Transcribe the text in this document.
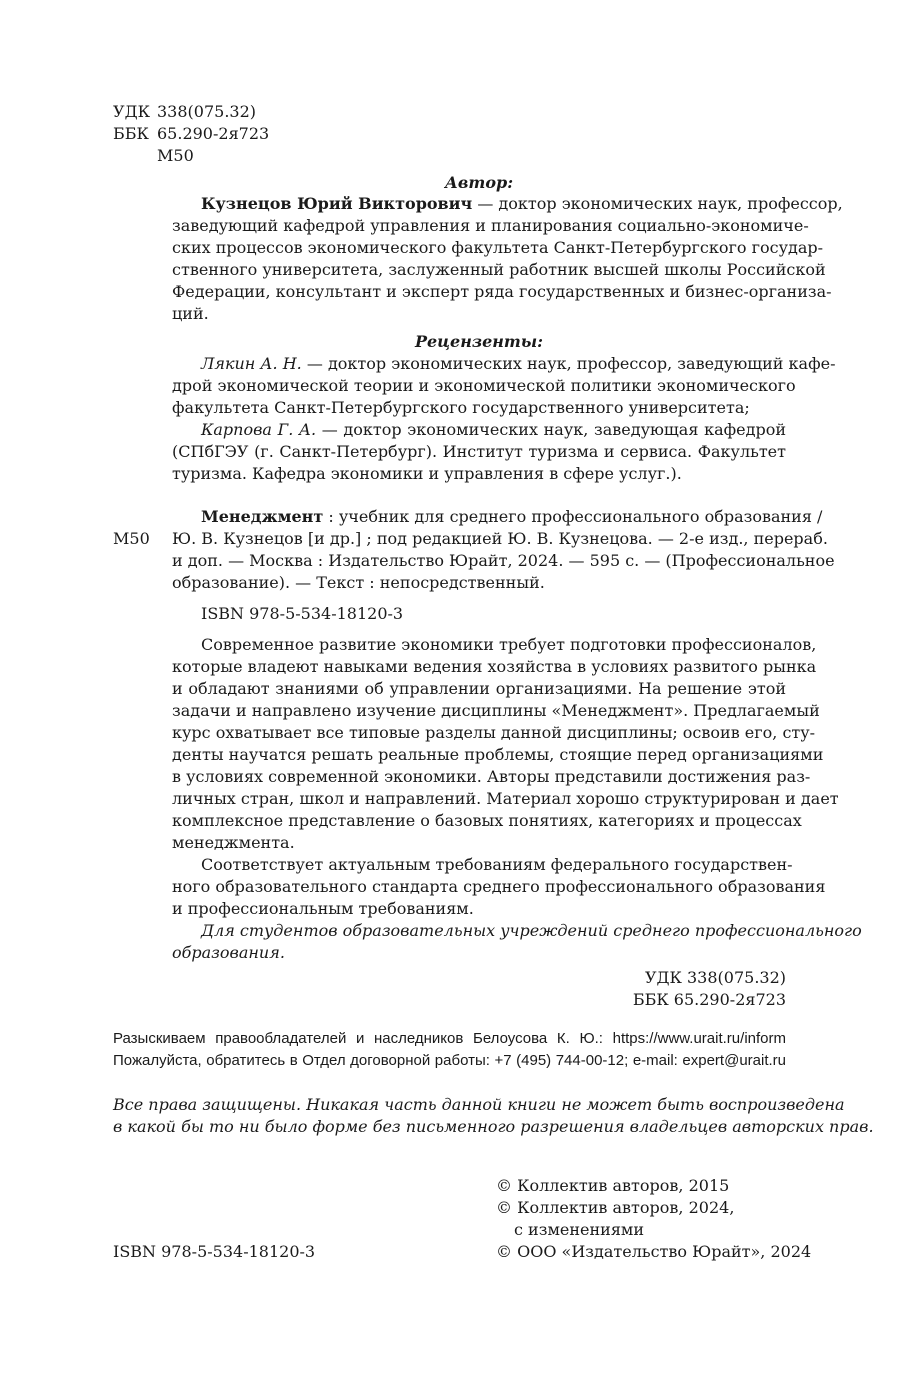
УДК 338(075.32)
ББК 65.290-2я723
М50
Автор:
Кузнецов Юрий Викторович — доктор экономических наук, профессор,
заведующий кафедрой управления и планирования социально-экономиче-
ских процессов экономического факультета Санкт-Петербургского государ-
ственного университета, заслуженный работник высшей школы Российской
Федерации, консультант и эксперт ряда государственных и бизнес-организа-
ций.
Рецензенты:
Лякин А. Н. — доктор экономических наук, профессор, заведующий кафе-
дрой экономической теории и экономической политики экономического
факультета Санкт-Петербургского государственного университета;
Карпова Г. А. — доктор экономических наук, заведующая кафедрой
(СПбГЭУ (г. Санкт-Петербург). Институт туризма и сервиса. Факультет
туризма. Кафедра экономики и управления в сфере услуг.).
М50
Менеджмент : учебник для среднего профессионального образования /
Ю. В. Кузнецов [и др.] ; под редакцией Ю. В. Кузнецова. — 2-е изд., перераб.
и доп. — Москва : Издательство Юрайт, 2024. — 595 с. — (Профессиональное
образование). — Текст : непосредственный.
ISBN 978-5-534-18120-3
Современное развитие экономики требует подготовки профессионалов,
которые владеют навыками ведения хозяйства в условиях развитого рынка
и обладают знаниями об управлении организациями. На решение этой
задачи и направлено изучение дисциплины «Менеджмент». Предлагаемый
курс охватывает все типовые разделы данной дисциплины; освоив его, сту-
денты научатся решать реальные проблемы, стоящие перед организациями
в условиях современной экономики. Авторы представили достижения раз-
личных стран, школ и направлений. Материал хорошо структурирован и дает
комплексное представление о базовых понятиях, категориях и процессах
менеджмента.
Соответствует актуальным требованиям федерального государствен-
ного образовательного стандарта среднего профессионального образования
и профессиональным требованиям.
Для студентов образовательных учреждений среднего профессионального
образования.
УДК 338(075.32)
ББК 65.290-2я723
Разыскиваем правообладателей и наследников Белоусова К. Ю.: https://www.urait.ru/inform
Пожалуйста, обратитесь в Отдел договорной работы: +7 (495) 744-00-12; e-mail: expert@urait.ru
Все права защищены. Никакая часть данной книги не может быть воспроизведена
в какой бы то ни было форме без письменного разрешения владельцев авторских прав.
© Коллектив авторов, 2015
© Коллектив авторов, 2024,
с изменениями
ISBN 978-5-534-18120-3	© ООО «Издательство Юрайт», 2024
